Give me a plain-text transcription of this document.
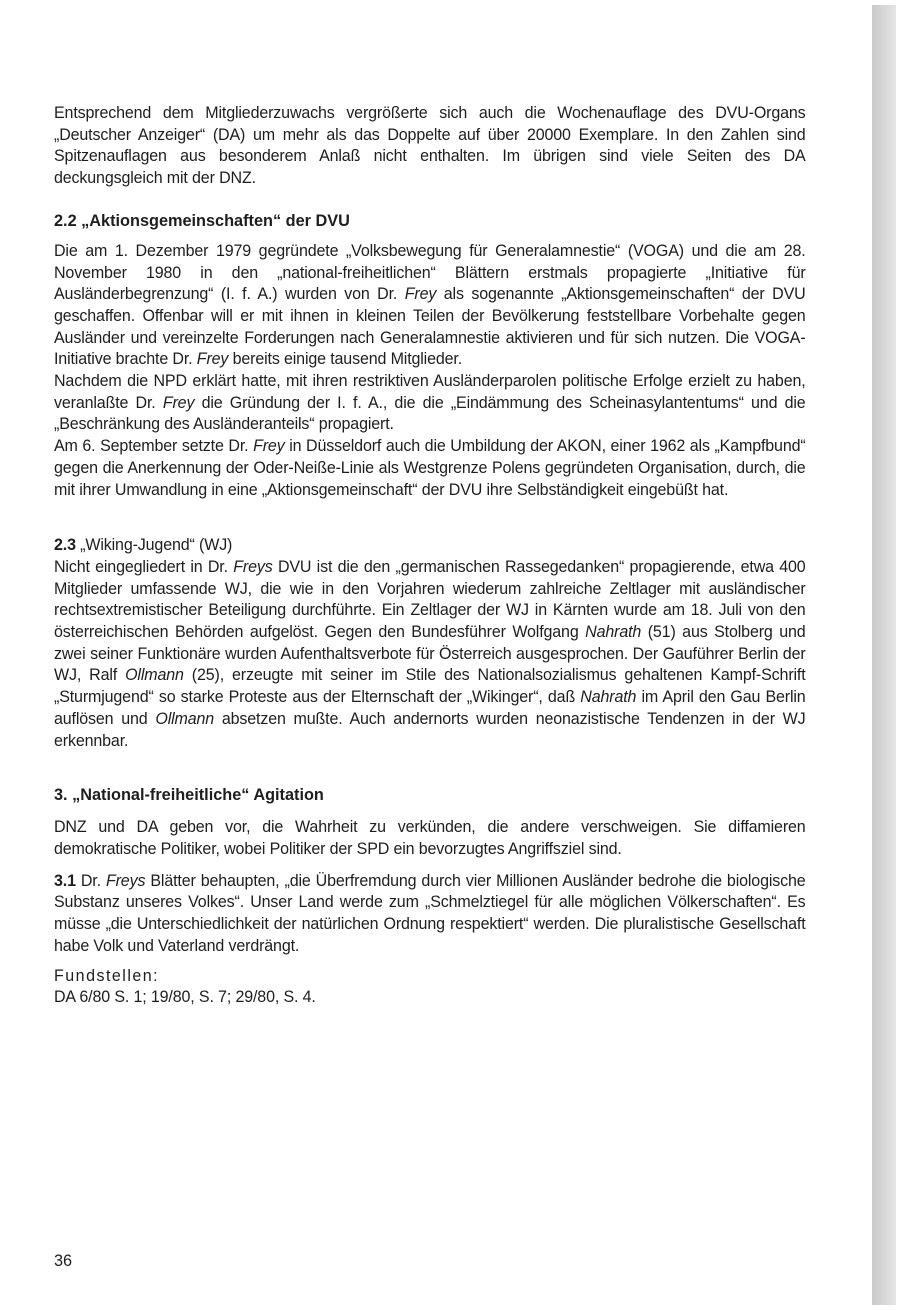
Entsprechend dem Mitgliederzuwachs vergrößerte sich auch die Wochenauflage des DVU-Organs „Deutscher Anzeiger“ (DA) um mehr als das Doppelte auf über 20000 Exemplare. In den Zahlen sind Spitzenauflagen aus besonderem Anlaß nicht enthalten. Im übrigen sind viele Seiten des DA deckungsgleich mit der DNZ.

2.2 „Aktionsgemeinschaften“ der DVU

Die am 1. Dezember 1979 gegründete „Volksbewegung für Generalamnestie“ (VOGA) und die am 28. November 1980 in den „national-freiheitlichen“ Blättern erstmals propagierte „Initiative für Ausländerbegrenzung“ (I. f. A.) wurden von Dr. Frey als sogenannte „Aktionsgemeinschaften“ der DVU geschaffen. Offenbar will er mit ihnen in kleinen Teilen der Bevölkerung feststellbare Vorbehalte gegen Ausländer und vereinzelte Forderungen nach Generalamnestie aktivieren und für sich nutzen. Die VOGA-Initiative brachte Dr. Frey bereits einige tausend Mitglieder.

Nachdem die NPD erklärt hatte, mit ihren restriktiven Ausländerparolen politische Erfolge erzielt zu haben, veranlaßte Dr. Frey die Gründung der I. f. A., die die „Eindämmung des Scheinasylantentums“ und die „Beschränkung des Ausländeranteils“ propagiert.

Am 6. September setzte Dr. Frey in Düsseldorf auch die Umbildung der AKON, einer 1962 als „Kampfbund“ gegen die Anerkennung der Oder-Neiße-Linie als Westgrenze Polens gegründeten Organisation, durch, die mit ihrer Umwandlung in eine „Aktionsgemeinschaft“ der DVU ihre Selbständigkeit eingebüßt hat.

2.3 „Wiking-Jugend“ (WJ)

Nicht eingegliedert in Dr. Freys DVU ist die den „germanischen Rassegedanken“ propagierende, etwa 400 Mitglieder umfassende WJ, die wie in den Vorjahren wiederum zahlreiche Zeltlager mit ausländischer rechtsextremistischer Beteiligung durchführte. Ein Zeltlager der WJ in Kärnten wurde am 18. Juli von den österreichischen Behörden aufgelöst. Gegen den Bundesführer Wolfgang Nahrath (51) aus Stolberg und zwei seiner Funktionäre wurden Aufenthaltsverbote für Österreich ausgesprochen. Der Gauführer Berlin der WJ, Ralf Ollmann (25), erzeugte mit seiner im Stile des Nationalsozialismus gehaltenen Kampf-Schrift „Sturmjugend“ so starke Proteste aus der Elternschaft der „Wikinger“, daß Nahrath im April den Gau Berlin auflösen und Ollmann absetzen mußte. Auch andernorts wurden neonazistische Tendenzen in der WJ erkennbar.

3. „National-freiheitliche“ Agitation

DNZ und DA geben vor, die Wahrheit zu verkünden, die andere verschweigen. Sie diffamieren demokratische Politiker, wobei Politiker der SPD ein bevorzugtes Angriffsziel sind.

3.1 Dr. Freys Blätter behaupten, „die Überfremdung durch vier Millionen Ausländer bedrohe die biologische Substanz unseres Volkes“. Unser Land werde zum „Schmelztiegel für alle möglichen Völkerschaften“. Es müsse „die Unterschiedlichkeit der natürlichen Ordnung respektiert“ werden. Die pluralistische Gesellschaft habe Volk und Vaterland verdrängt.

Fundstellen:

DA 6/80 S. 1; 19/80, S. 7; 29/80, S. 4.

36
